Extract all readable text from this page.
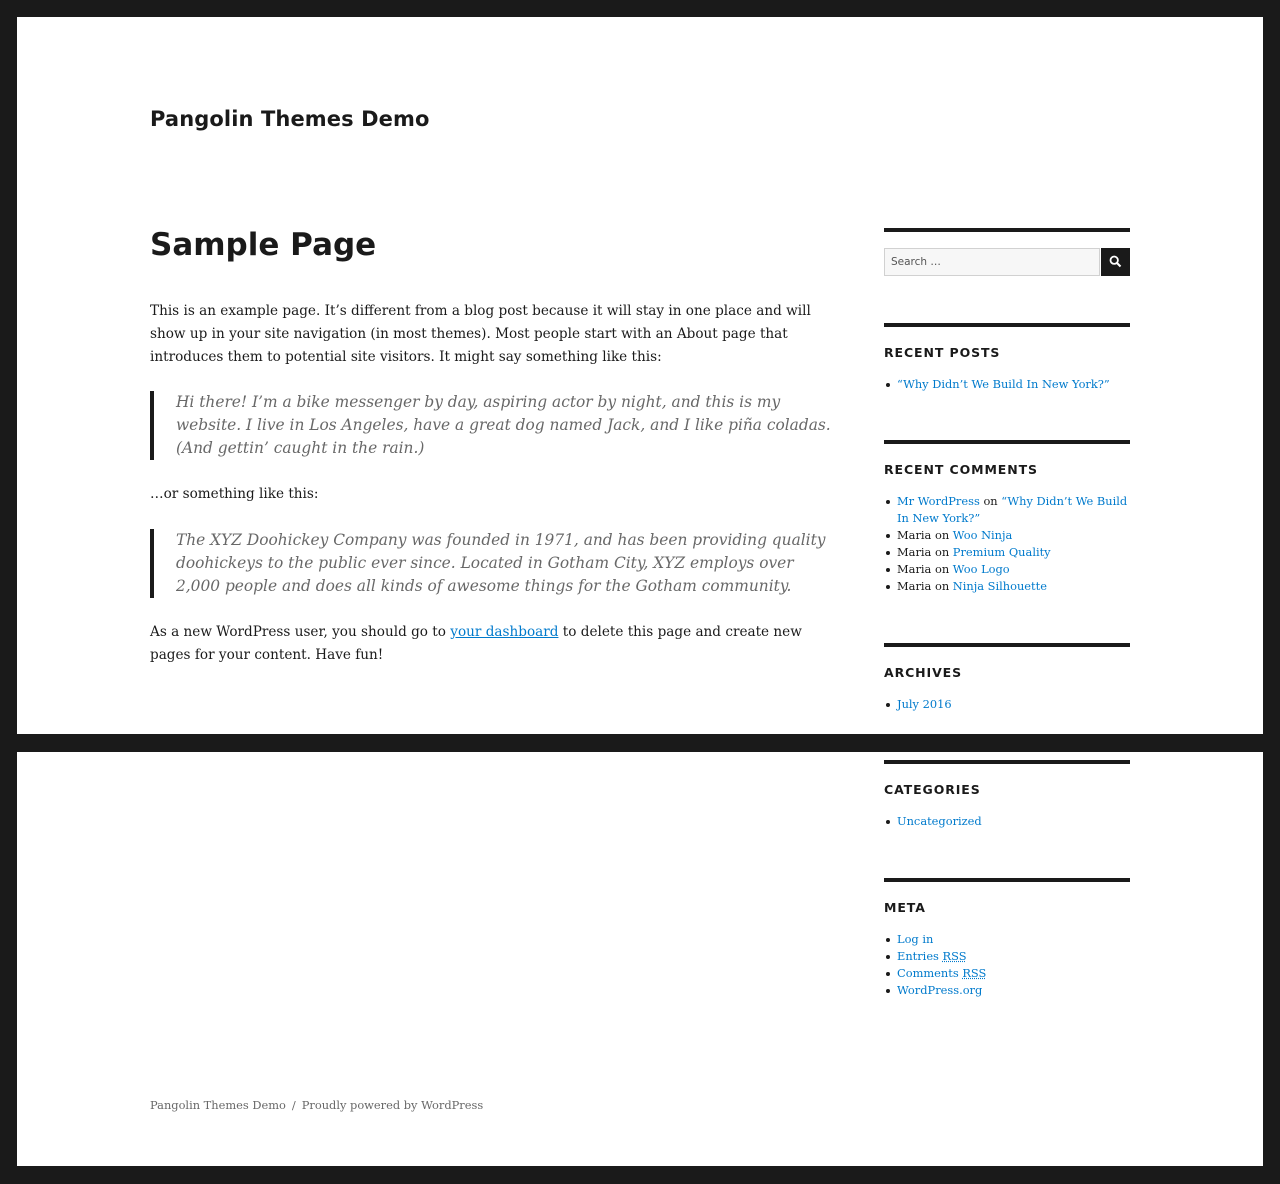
Pangolin Themes Demo
Sample Page

This is an example page. It’s different from a blog post because it will stay in one place and will show up in your site navigation (in most themes). Most people start with an About page that introduces them to potential site visitors. It might say something like this:

Hi there! I’m a bike messenger by day, aspiring actor by night, and this is my website. I live in Los Angeles, have a great dog named Jack, and I like piña coladas. (And gettin’ caught in the rain.)

…or something like this:

The XYZ Doohickey Company was founded in 1971, and has been providing quality doohickeys to the public ever since. Located in Gotham City, XYZ employs over 2,000 people and does all kinds of awesome things for the Gotham community.

As a new WordPress user, you should go to your dashboard to delete this page and create new pages for your content. Have fun!

Search …
RECENT POSTS
“Why Didn’t We Build In New York?”
RECENT COMMENTS
Mr WordPress on “Why Didn’t We Build In New York?”
Maria on Woo Ninja
Maria on Premium Quality
Maria on Woo Logo
Maria on Ninja Silhouette
ARCHIVES
July 2016
CATEGORIES
Uncategorized
META
Log in
Entries RSS
Comments RSS
WordPress.org
Pangolin Themes Demo / Proudly powered by WordPress
